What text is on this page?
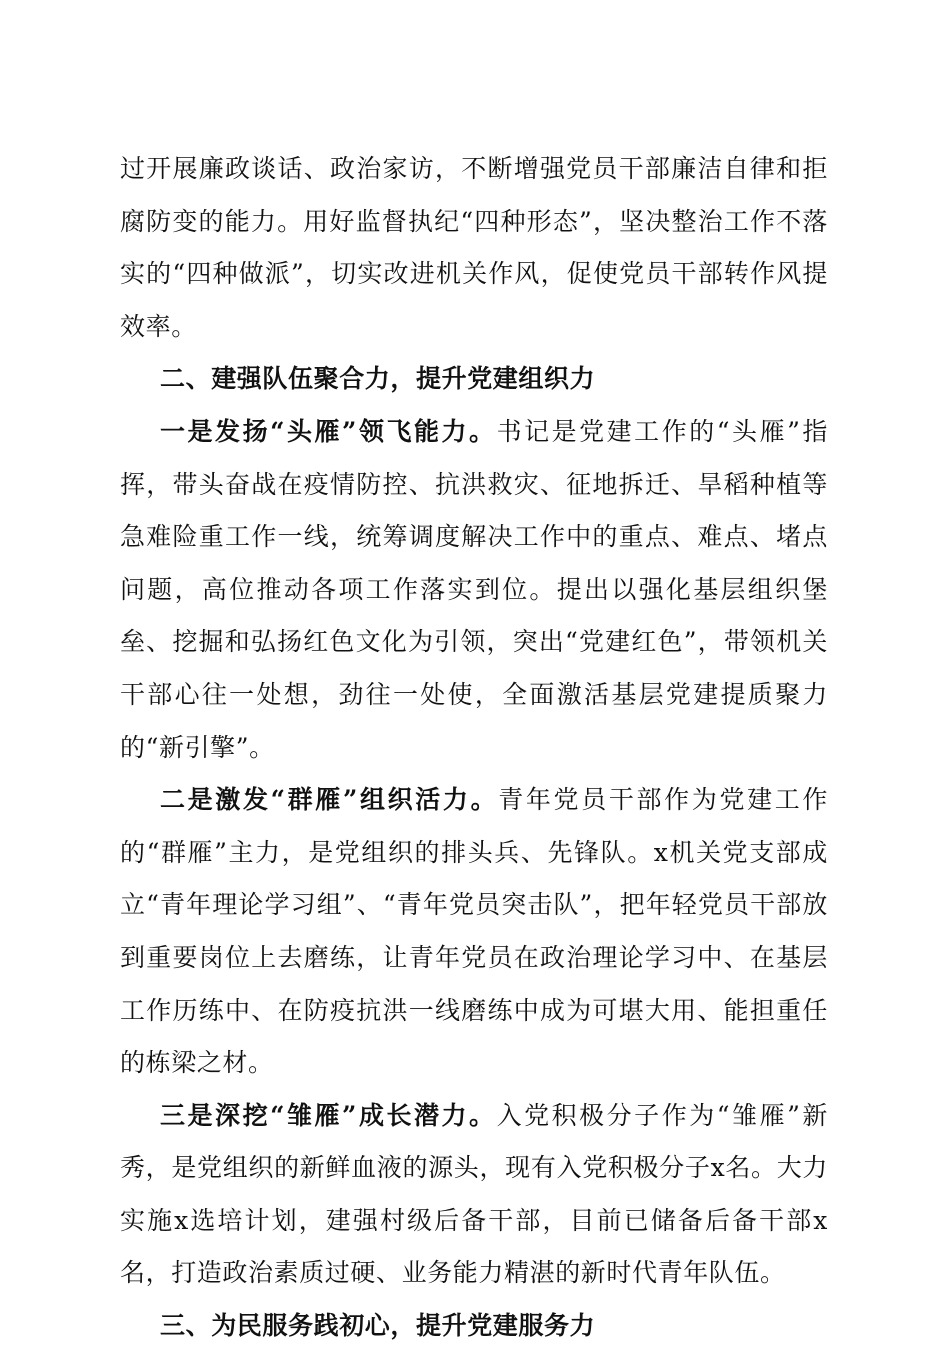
过开展廉政谈话、政治家访，不断增强党员干部廉洁自律和拒腐防变的能力。用好监督执纪“四种形态”，坚决整治工作不落实的“四种做派”，切实改进机关作风，促使党员干部转作风提效率。

二、建强队伍聚合力，提升党建组织力

一是发扬“头雁”领飞能力。书记是党建工作的“头雁”指挥，带头奋战在疫情防控、抗洪救灾、征地拆迁、旱稻种植等急难险重工作一线，统筹调度解决工作中的重点、难点、堵点问题，高位推动各项工作落实到位。提出以强化基层组织堡垒、挖掘和弘扬红色文化为引领，突出“党建红色”，带领机关干部心往一处想，劲往一处使，全面激活基层党建提质聚力的“新引擎”。

二是激发“群雁”组织活力。青年党员干部作为党建工作的“群雁”主力，是党组织的排头兵、先锋队。x机关党支部成立“青年理论学习组”、“青年党员突击队”，把年轻党员干部放到重要岗位上去磨练，让青年党员在政治理论学习中、在基层工作历练中、在防疫抗洪一线磨练中成为可堪大用、能担重任的栋梁之材。

三是深挖“雏雁”成长潜力。入党积极分子作为“雏雁”新秀，是党组织的新鲜血液的源头，现有入党积极分子x名。大力实施x选培计划，建强村级后备干部，目前已储备后备干部x名，打造政治素质过硬、业务能力精湛的新时代青年队伍。

三、为民服务践初心，提升党建服务力
